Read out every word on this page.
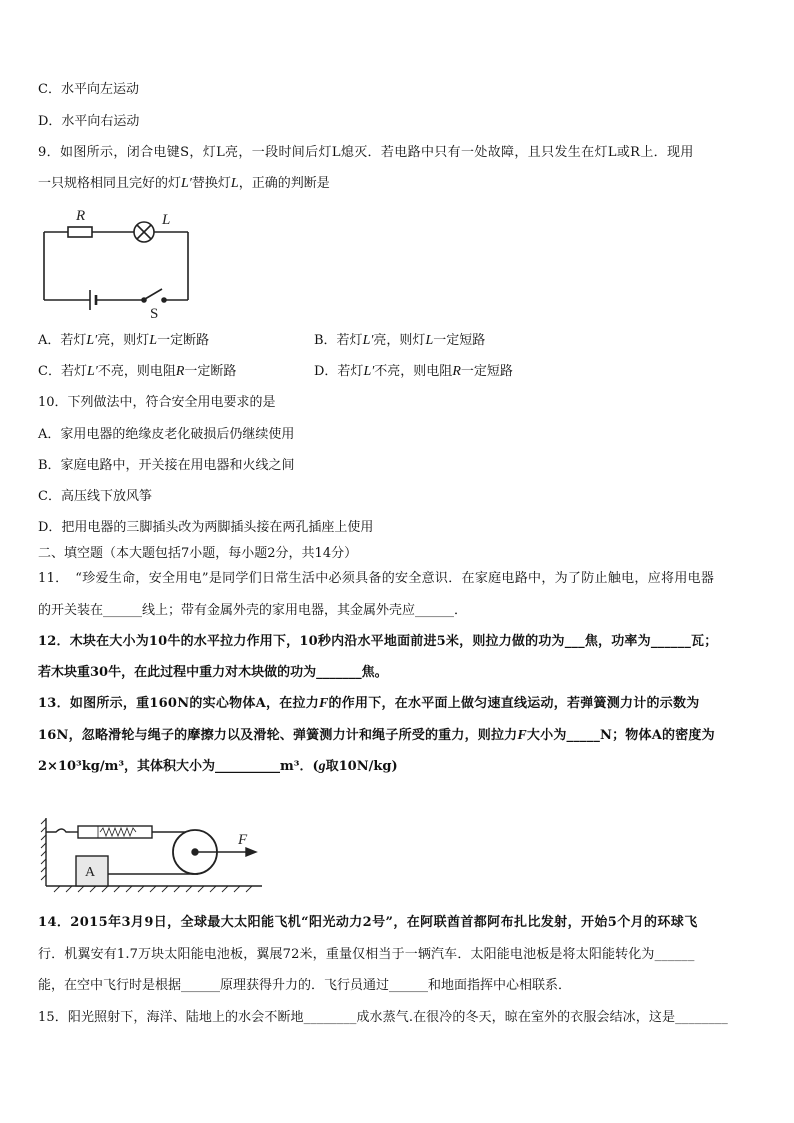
C．水平向左运动
D．水平向右运动
9．如图所示，闭合电键S，灯L亮，一段时间后灯L熄灭．若电路中只有一处故障，且只发生在灯L或R上．现用
一只规格相同且完好的灯L′替换灯L，正确的判断是
R	L
S
A．若灯L′亮，则灯L一定断路	B．若灯L′亮，则灯L一定短路
C．若灯L′不亮，则电阻R一定断路	D．若灯L′不亮，则电阻R一定短路
10．下列做法中，符合安全用电要求的是
A．家用电器的绝缘皮老化破损后仍继续使用
B．家庭电路中，开关接在用电器和火线之间
C．高压线下放风筝
D．把用电器的三脚插头改为两脚插头接在两孔插座上使用
二、填空题（本大题包括7小题，每小题2分，共14分）
11．　“珍爱生命，安全用电”是同学们日常生活中必须具备的安全意识．在家庭电路中，为了防止触电，应将用电器
的开关装在______线上；带有金属外壳的家用电器，其金属外壳应______．
12．木块在大小为10牛的水平拉力作用下，10秒内沿水平地面前进5米，则拉力做的功为___焦，功率为______瓦；
若木块重30牛，在此过程中重力对木块做的功为_______焦。
13．如图所示，重160N的实心物体A，在拉力F的作用下，在水平面上做匀速直线运动，若弹簧测力计的示数为
16N，忽略滑轮与绳子的摩擦力以及滑轮、弹簧测力计和绳子所受的重力，则拉力F大小为_____N；物体A的密度为
2×10³kg/m³，其体积大小为__________m³．(g取10N/kg)
A
F
14．2015年3月9日，全球最大太阳能飞机“阳光动力2号”，在阿联酋首都阿布扎比发射，开始5个月的环球飞
行．机翼安有1.7万块太阳能电池板，翼展72米，重量仅相当于一辆汽车．太阳能电池板是将太阳能转化为______
能，在空中飞行时是根据______原理获得升力的．飞行员通过______和地面指挥中心相联系．
15．阳光照射下，海洋、陆地上的水会不断地________成水蒸气.在很冷的冬天，晾在室外的衣服会结冰，这是________
